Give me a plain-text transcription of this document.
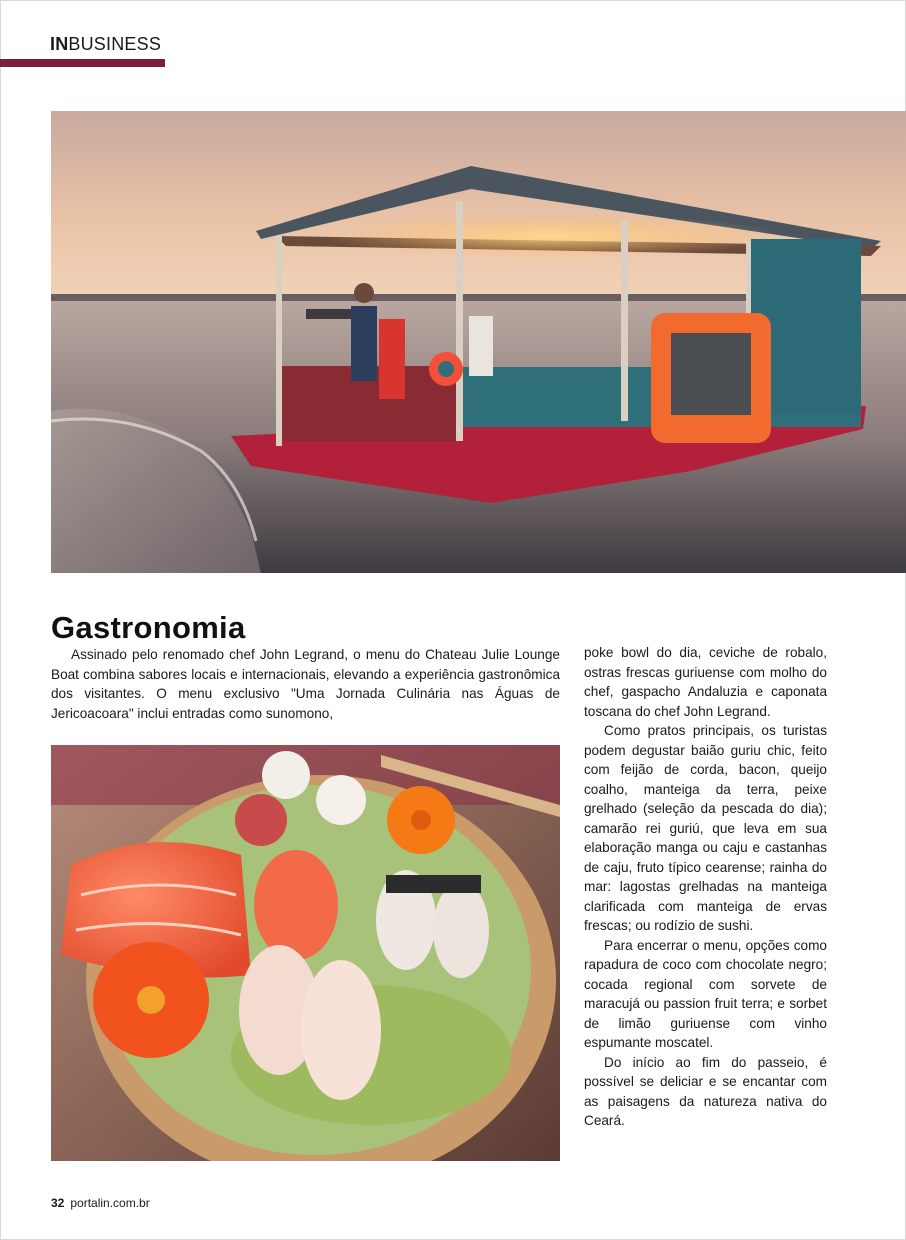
INBUSINESS
Gastronomia

Assinado pelo renomado chef John Legrand, o menu do Chateau Julie Lounge Boat combina sabores locais e internacionais, elevando a experiência gastronômica dos visitantes. O menu exclusivo "Uma Jornada Culinária nas Águas de Jericoacoara" inclui entradas como sunomono,

poke bowl do dia, ceviche de robalo, ostras frescas guriuense com molho do chef, gaspacho Andaluzia e caponata toscana do chef John Legrand.

Como pratos principais, os turistas podem degustar baião guriu chic, feito com feijão de corda, bacon, queijo coalho, manteiga da terra, peixe grelhado (seleção da pescada do dia); camarão rei guriú, que leva em sua elaboração manga ou caju e castanhas de caju, fruto típico cearense; rainha do mar: lagostas grelhadas na manteiga clarificada com manteiga de ervas frescas; ou rodízio de sushi.

Para encerrar o menu, opções como rapadura de coco com chocolate negro; cocada regional com sorvete de maracujá ou passion fruit terra; e sorbet de limão guriuense com vinho espumante moscatel.

Do início ao fim do passeio, é possível se deliciar e se encantar com as paisagens da natureza nativa do Ceará.

32 portalin.com.br
